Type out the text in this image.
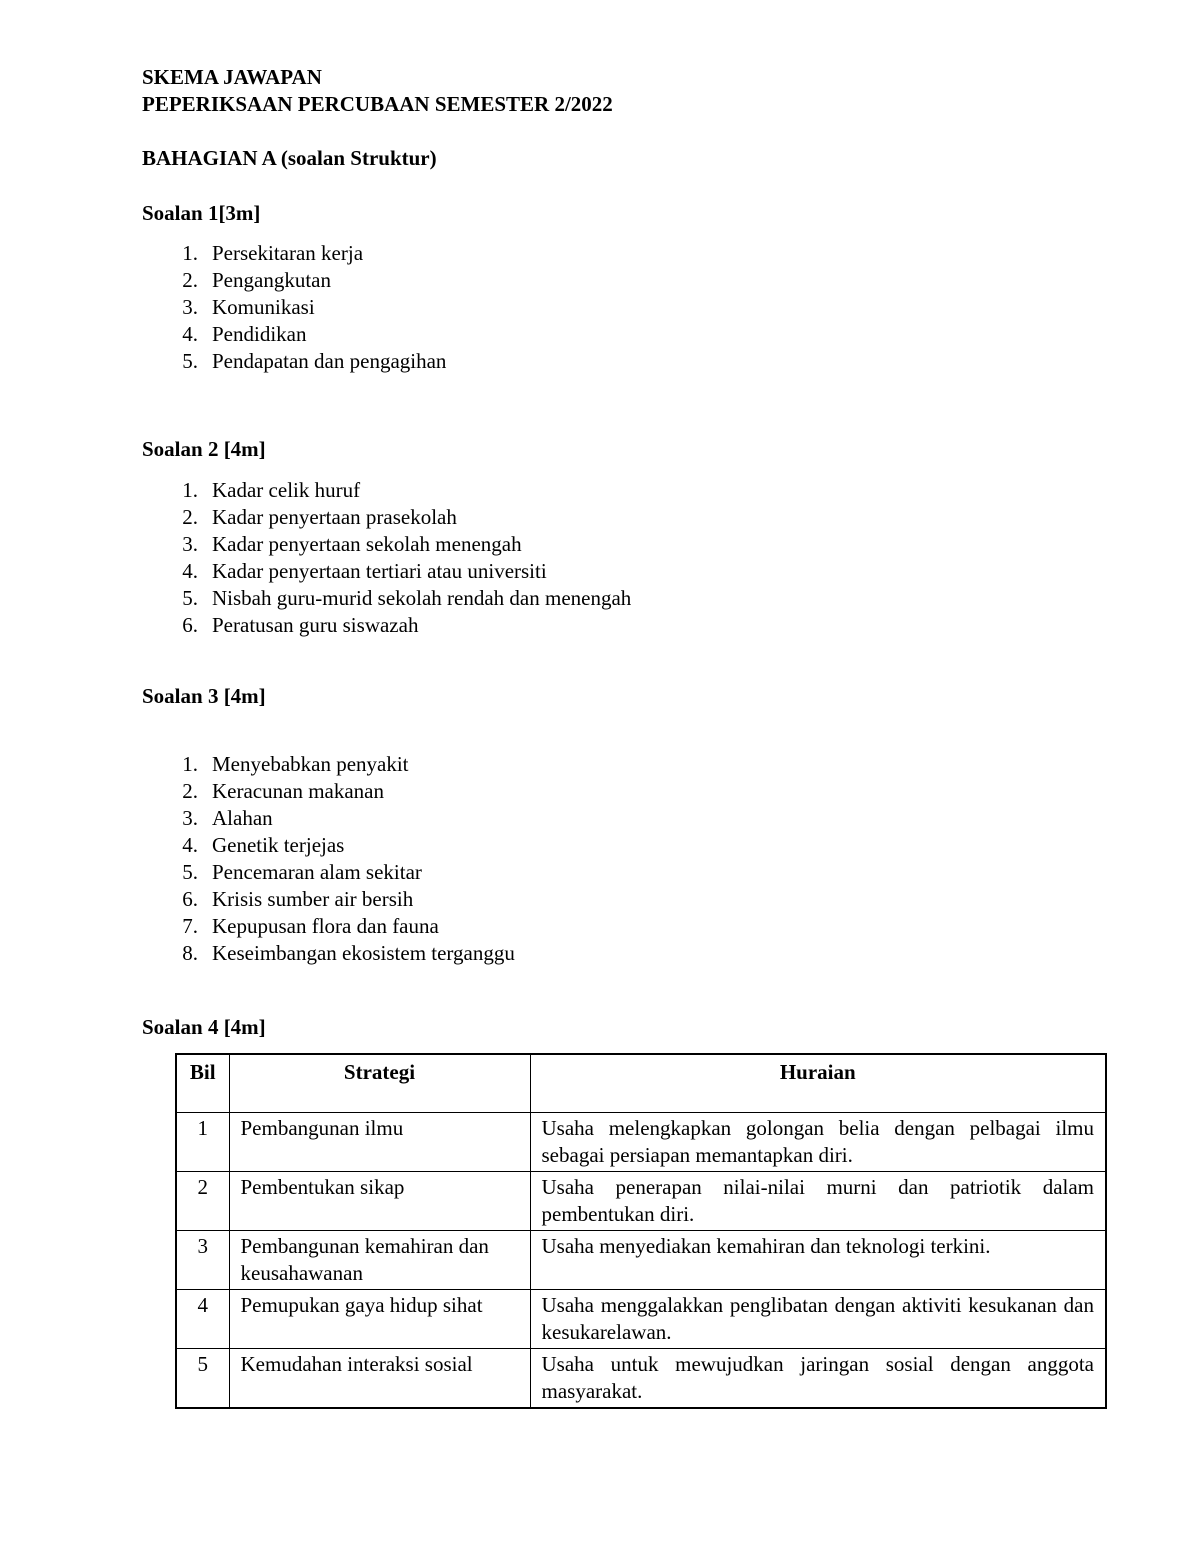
SKEMA JAWAPAN
PEPERIKSAAN PERCUBAAN SEMESTER 2/2022
BAHAGIAN A (soalan Struktur)
Soalan 1[3m]
1. Persekitaran kerja
2. Pengangkutan
3. Komunikasi
4. Pendidikan
5. Pendapatan dan pengagihan
Soalan 2 [4m]
1. Kadar celik huruf
2. Kadar penyertaan prasekolah
3. Kadar penyertaan sekolah menengah
4. Kadar penyertaan tertiari atau universiti
5. Nisbah guru-murid sekolah rendah dan menengah
6. Peratusan guru siswazah
Soalan 3 [4m]
1. Menyebabkan penyakit
2. Keracunan makanan
3. Alahan
4. Genetik terjejas
5. Pencemaran alam sekitar
6. Krisis sumber air bersih
7. Kepupusan flora dan fauna
8. Keseimbangan ekosistem terganggu
Soalan 4 [4m]
Bil	Strategi	Huraian
1	Pembangunan ilmu	Usaha melengkapkan golongan belia dengan pelbagai ilmu sebagai persiapan memantapkan diri.
2	Pembentukan sikap	Usaha penerapan nilai-nilai murni dan patriotik dalam pembentukan diri.
3	Pembangunan kemahiran dan keusahawanan	Usaha menyediakan kemahiran dan teknologi terkini.
4	Pemupukan gaya hidup sihat	Usaha menggalakkan penglibatan dengan aktiviti kesukanan dan kesukarelawan.
5	Kemudahan interaksi sosial	Usaha untuk mewujudkan jaringan sosial dengan anggota masyarakat.
